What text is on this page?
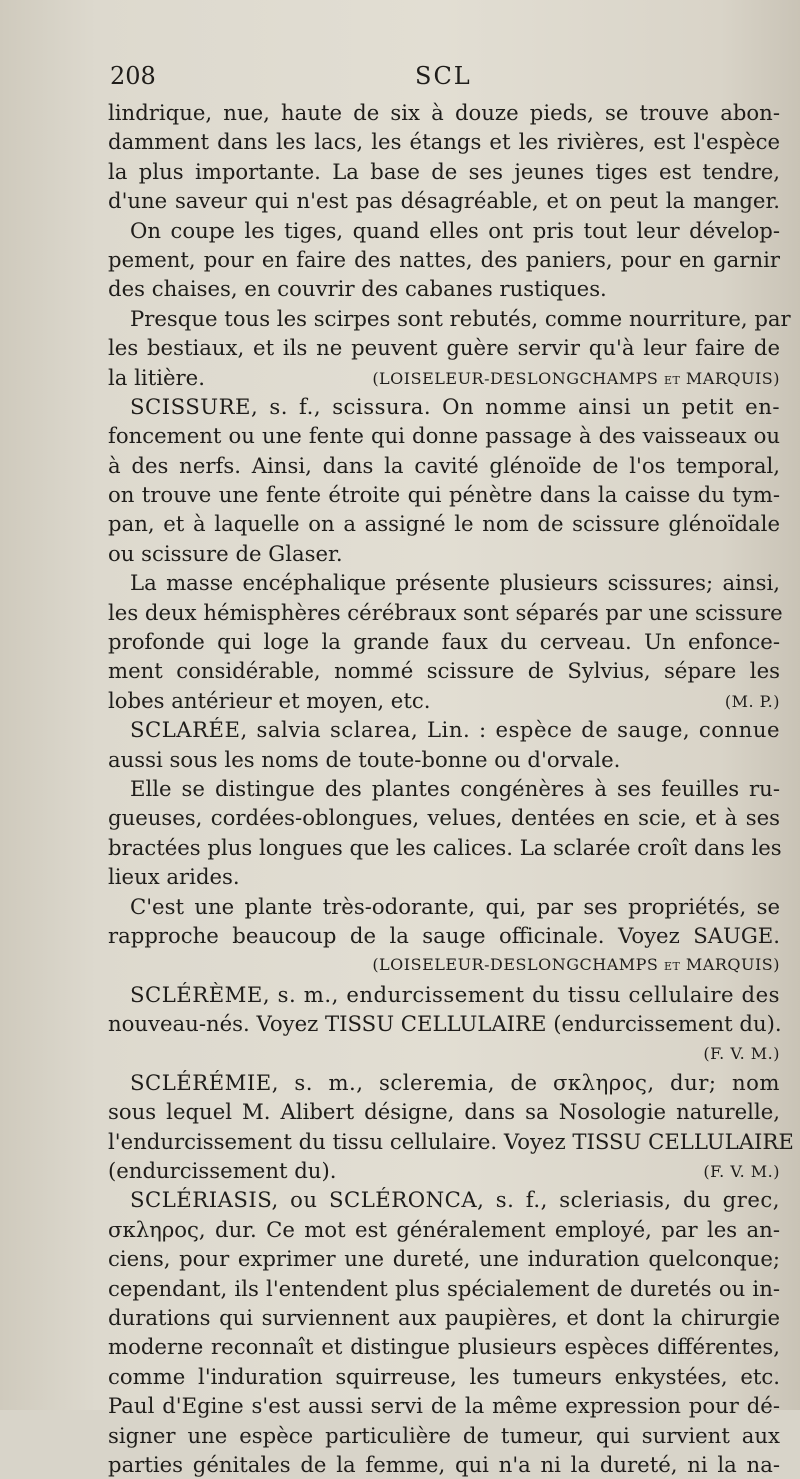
208	SCL
lindrique, nue, haute de six à douze pieds, se trouve abon-
damment dans les lacs, les étangs et les rivières, est l'espèce
la plus importante. La base de ses jeunes tiges est tendre,
d'une saveur qui n'est pas désagréable, et on peut la manger.
On coupe les tiges, quand elles ont pris tout leur dévelop-
pement, pour en faire des nattes, des paniers, pour en garnir
des chaises, en couvrir des cabanes rustiques.
Presque tous les scirpes sont rebutés, comme nourriture, par
les bestiaux, et ils ne peuvent guère servir qu'à leur faire de
la litière.	(LOISELEUR-DESLONGCHAMPS et MARQUIS)
SCISSURE, s. f., scissura. On nomme ainsi un petit en-
foncement ou une fente qui donne passage à des vaisseaux ou
à des nerfs. Ainsi, dans la cavité glénoïde de l'os temporal,
on trouve une fente étroite qui pénètre dans la caisse du tym-
pan, et à laquelle on a assigné le nom de scissure glénoïdale
ou scissure de Glaser.
La masse encéphalique présente plusieurs scissures; ainsi,
les deux hémisphères cérébraux sont séparés par une scissure
profonde qui loge la grande faux du cerveau. Un enfonce-
ment considérable, nommé scissure de Sylvius, sépare les
lobes antérieur et moyen, etc.	(M. P.)
SCLARÉE, salvia sclarea, Lin. : espèce de sauge, connue
aussi sous les noms de toute-bonne ou d'orvale.
Elle se distingue des plantes congénères à ses feuilles ru-
gueuses, cordées-oblongues, velues, dentées en scie, et à ses
bractées plus longues que les calices. La sclarée croît dans les
lieux arides.
C'est une plante très-odorante, qui, par ses propriétés, se
rapproche beaucoup de la sauge officinale. Voyez SAUGE.
(LOISELEUR-DESLONGCHAMPS et MARQUIS)
SCLÉRÈME, s. m., endurcissement du tissu cellulaire des
nouveau-nés. Voyez TISSU CELLULAIRE (endurcissement du).
(F. V. M.)
SCLÉRÉMIE, s. m., scleremia, de σκληρος, dur; nom
sous lequel M. Alibert désigne, dans sa Nosologie naturelle,
l'endurcissement du tissu cellulaire. Voyez TISSU CELLULAIRE
(endurcissement du).	(F. V. M.)
SCLÉRIASIS, ou SCLÉRONCA, s. f., scleriasis, du grec,
σκληρος, dur. Ce mot est généralement employé, par les an-
ciens, pour exprimer une dureté, une induration quelconque;
cependant, ils l'entendent plus spécialement de duretés ou in-
durations qui surviennent aux paupières, et dont la chirurgie
moderne reconnaît et distingue plusieurs espèces différentes,
comme l'induration squirreuse, les tumeurs enkystées, etc.
Paul d'Egine s'est aussi servi de la même expression pour dé-
signer une espèce particulière de tumeur, qui survient aux
parties génitales de la femme, qui n'a ni la dureté, ni la na-
